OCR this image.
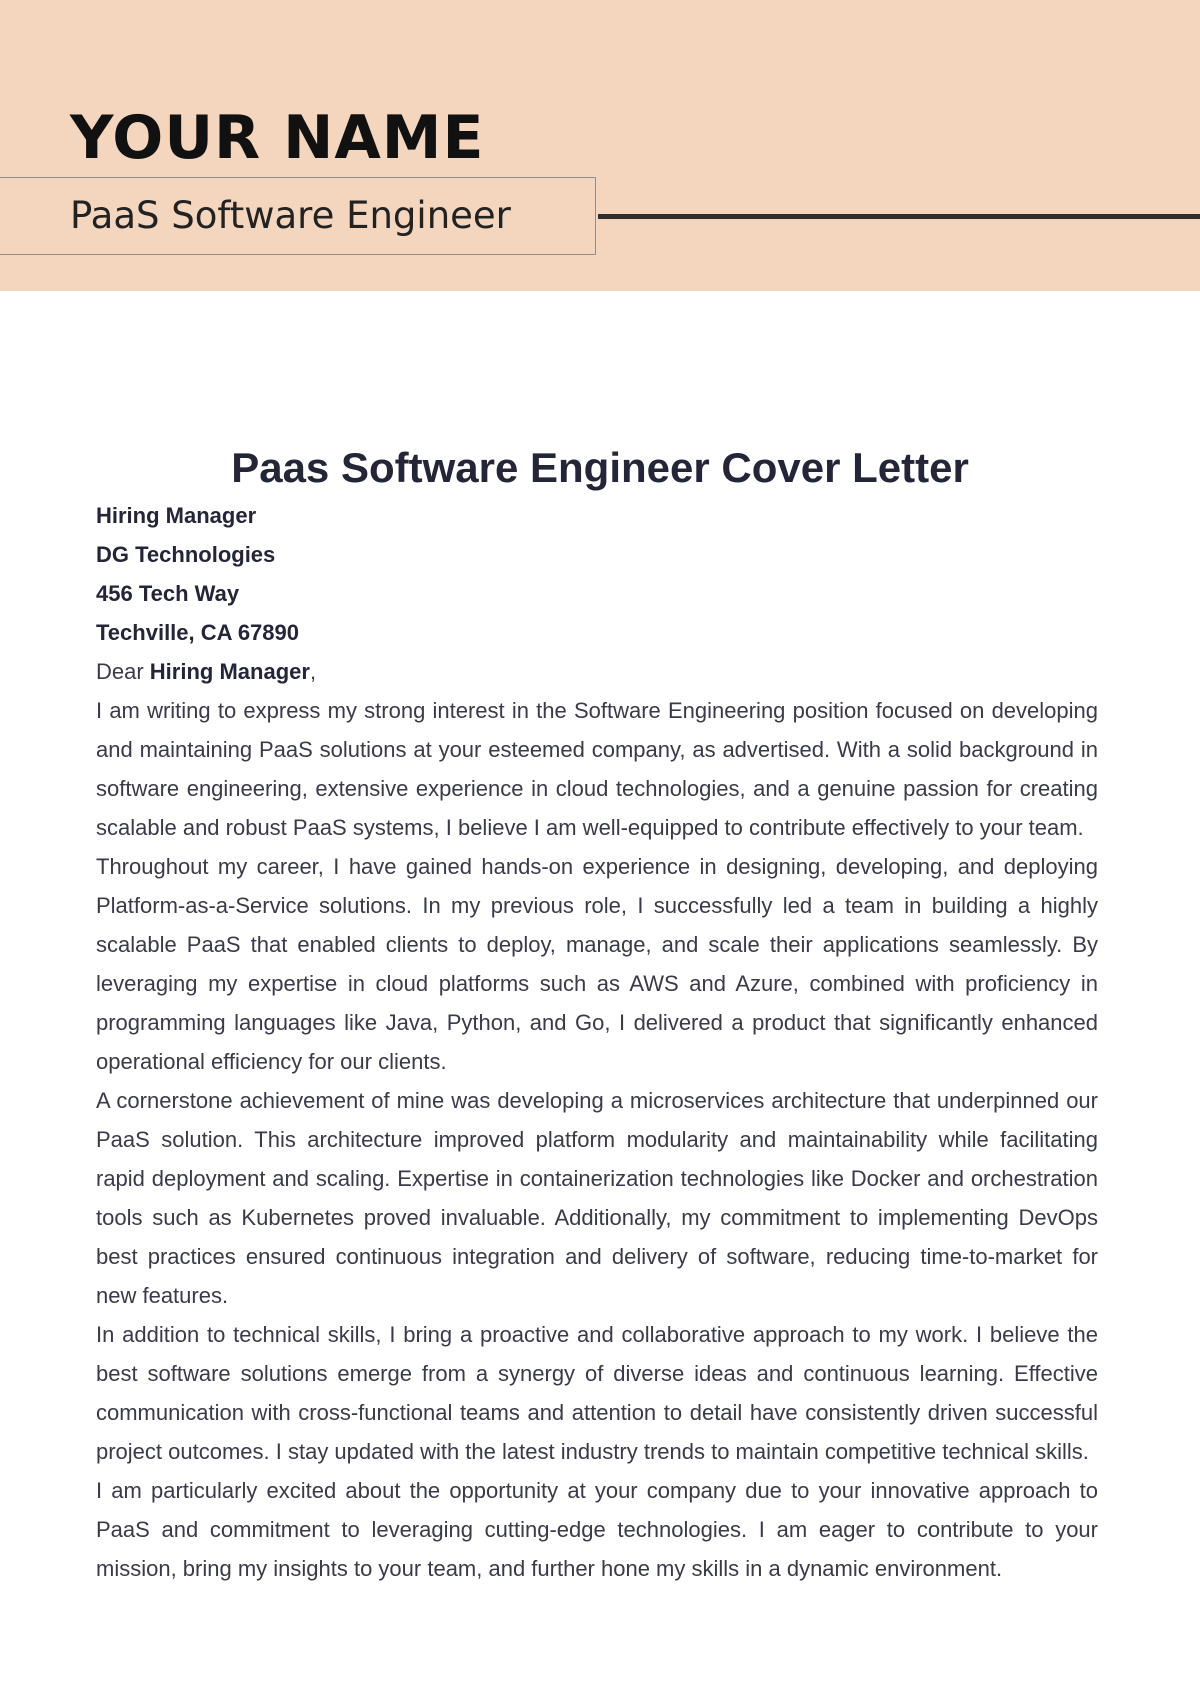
YOUR NAME
PaaS Software Engineer
Paas Software Engineer Cover Letter

Hiring Manager

DG Technologies

456 Tech Way

Techville, CA 67890

Dear Hiring Manager,

I am writing to express my strong interest in the Software Engineering position focused on developing and maintaining PaaS solutions at your esteemed company, as advertised. With a solid background in software engineering, extensive experience in cloud technologies, and a genuine passion for creating scalable and robust PaaS systems, I believe I am well-equipped to contribute effectively to your team.

Throughout my career, I have gained hands-on experience in designing, developing, and deploying Platform-as-a-Service solutions. In my previous role, I successfully led a team in building a highly scalable PaaS that enabled clients to deploy, manage, and scale their applications seamlessly. By leveraging my expertise in cloud platforms such as AWS and Azure, combined with proficiency in programming languages like Java, Python, and Go, I delivered a product that significantly enhanced operational efficiency for our clients.

A cornerstone achievement of mine was developing a microservices architecture that underpinned our PaaS solution. This architecture improved platform modularity and maintainability while facilitating rapid deployment and scaling. Expertise in containerization technologies like Docker and orchestration tools such as Kubernetes proved invaluable. Additionally, my commitment to implementing DevOps best practices ensured continuous integration and delivery of software, reducing time-to-market for new features.

In addition to technical skills, I bring a proactive and collaborative approach to my work. I believe the best software solutions emerge from a synergy of diverse ideas and continuous learning. Effective communication with cross-functional teams and attention to detail have consistently driven successful project outcomes. I stay updated with the latest industry trends to maintain competitive technical skills.

I am particularly excited about the opportunity at your company due to your innovative approach to PaaS and commitment to leveraging cutting-edge technologies. I am eager to contribute to your mission, bring my insights to your team, and further hone my skills in a dynamic environment.
